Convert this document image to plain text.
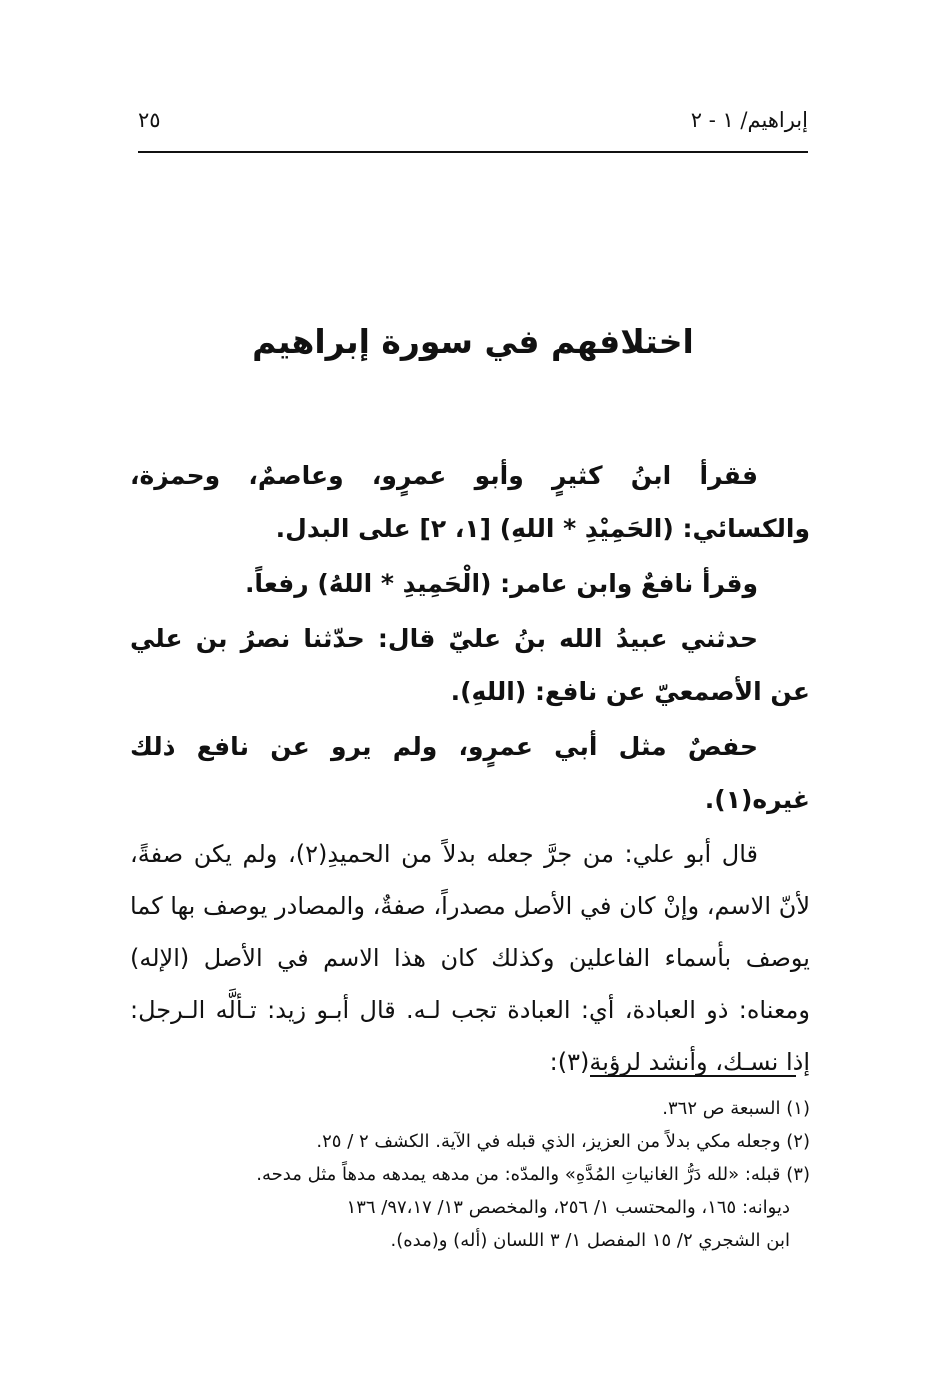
إبراهيم/ ١ - ٢
٢٥
اختلافهم في سورة إبراهيم

فقرأ ابنُ كثيرٍ وأبو عمرٍو، وعاصمٌ، وحمزة، والكسائي: (الحَمِيْدِ * اللهِ) [١، ٢] على البدل.

وقرأ نافعٌ وابن عامر: (الْحَمِيدِ * اللهُ) رفعاً.

حدثني عبيدُ الله بنُ عليّ قال: حدّثنا نصرُ بن علي عن الأصمعيّ عن نافع: (اللهِ).

حفصٌ مثل أبي عمرٍو، ولم يرو عن نافع ذلك غيره(١).

قال أبو علي: من جرَّ جعله بدلاً من الحميدِ(٢)، ولم يكن صفةً، لأنّ الاسم، وإنْ كان في الأصل مصدراً، صفةٌ، والمصادر يوصف بها كما يوصف بأسماء الفاعلين وكذلك كان هذا الاسم في الأصل (الإله) ومعناه: ذو العبادة، أي: العبادة تجب لـه. قال أبـو زيد: تـألَّه الـرجل: إذا نسـك، وأنشد لرؤبة(٣):

(١) السبعة ص ٣٦٢.

(٢) وجعله مكي بدلاً من العزيز، الذي قبله في الآية. الكشف ٢ / ٢٥.

(٣) قبله: «لله دَرُّ الغانياتِ المُدَّهِ» والمدّه: من مدهه يمدهه مدهاً مثل مدحه.

ديوانه: ١٦٥، والمحتسب ١/ ٢٥٦، والمخصص ١٣/ ٩٧،١٧/ ١٣٦

ابن الشجري ٢/ ١٥ المفصل ١/ ٣ اللسان (أله) و(مده).
